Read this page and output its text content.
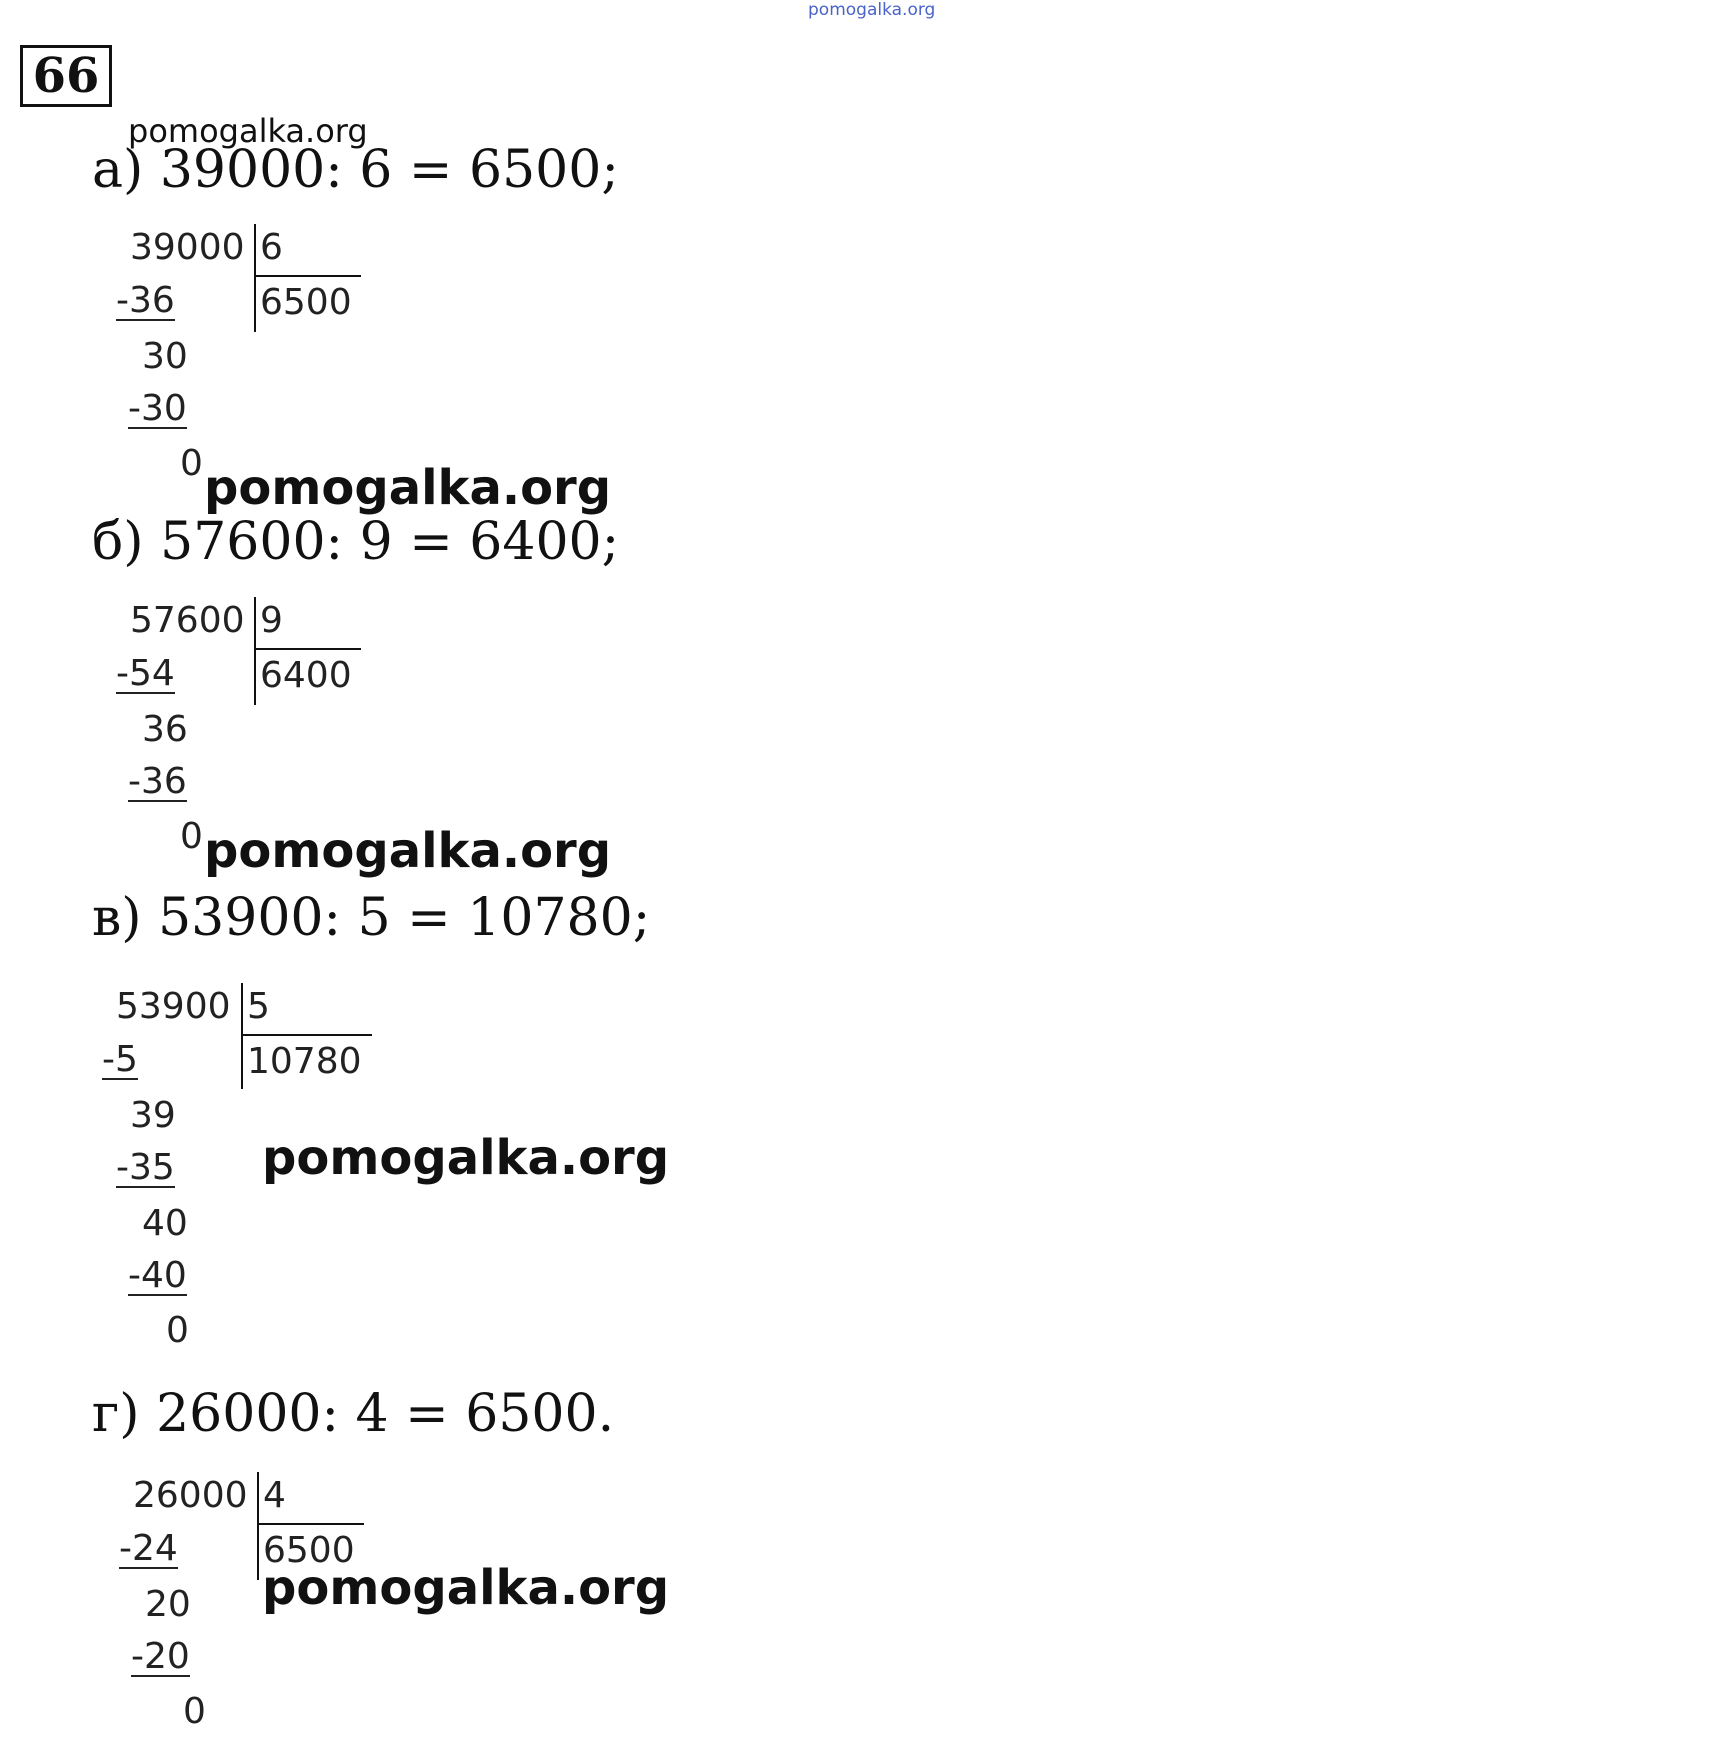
pomogalka.org
66
pomogalka.org
а) 39000: 6 = 6500;
39000 6
6500
-36
30
-30
0 pomogalka.org
б) 57600: 9 = 6400;
57600 9
6400
-54
36
-36
0 pomogalka.org
в) 53900: 5 = 10780;
53900 5
10780
-5
39
-35
40
-40
0
pomogalka.org
г) 26000: 4 = 6500.
26000 4
6500
-24
20
-20
0
pomogalka.org
